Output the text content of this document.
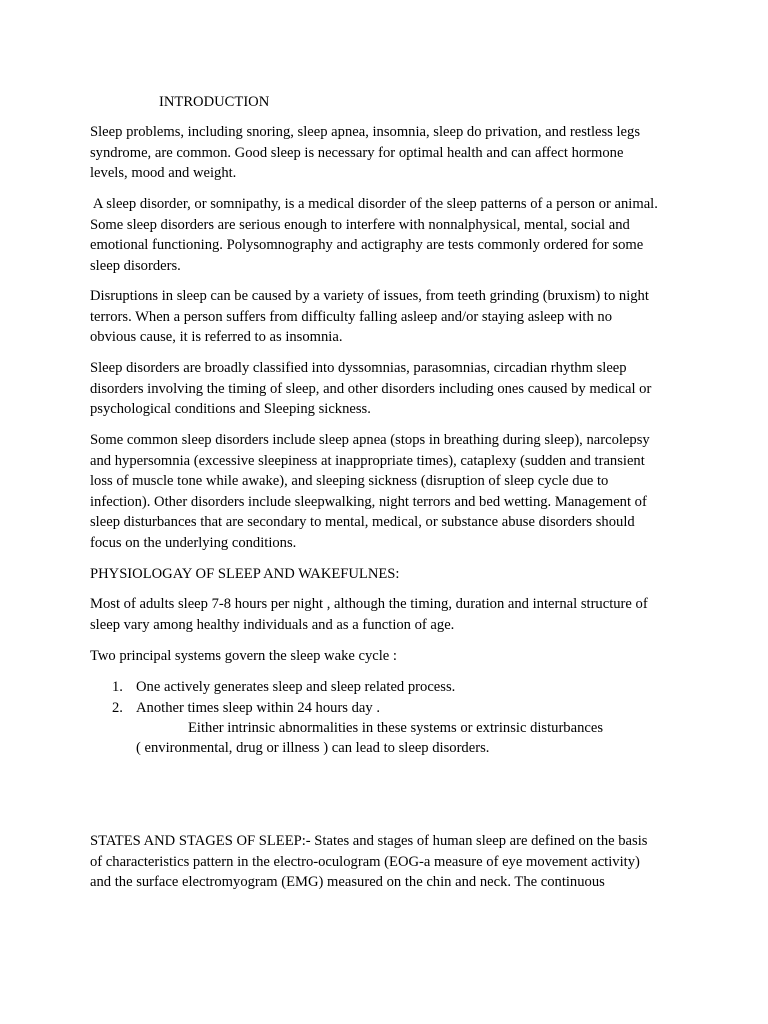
INTRODUCTION

Sleep problems, including snoring, sleep apnea, insomnia, sleep do privation, and restless legs
syndrome, are common. Good sleep is necessary for optimal health and can affect hormone
levels, mood and weight.

A sleep disorder, or somnipathy, is a medical disorder of the sleep patterns of a person or animal.
Some sleep disorders are serious enough to interfere with nonnalphysical, mental, social and
emotional functioning. Polysomnography and actigraphy are tests commonly ordered for some
sleep disorders.

Disruptions in sleep can be caused by a variety of issues, from teeth grinding (bruxism) to night
terrors. When a person suffers from difficulty falling asleep and/or staying asleep with no
obvious cause, it is referred to as insomnia.

Sleep disorders are broadly classified into dyssomnias, parasomnias, circadian rhythm sleep
disorders involving the timing of sleep, and other disorders including ones caused by medical or
psychological conditions and Sleeping sickness.

Some common sleep disorders include sleep apnea (stops in breathing during sleep), narcolepsy
and hypersomnia (excessive sleepiness at inappropriate times), cataplexy (sudden and transient
loss of muscle tone while awake), and sleeping sickness (disruption of sleep cycle due to
infection). Other disorders include sleepwalking, night terrors and bed wetting. Management of
sleep disturbances that are secondary to mental, medical, or substance abuse disorders should
focus on the underlying conditions.

PHYSIOLOGAY OF SLEEP AND WAKEFULNES:

Most of adults sleep 7-8 hours per night , although the timing, duration and internal structure of
sleep vary among healthy individuals and as a function of age.

Two principal systems govern the sleep wake cycle :

1. One actively generates sleep and sleep related process.
2. Another times sleep within 24 hours day .
Either intrinsic abnormalities in these systems or extrinsic disturbances
( environmental, drug or illness ) can lead to sleep disorders.

STATES AND STAGES OF SLEEP:- States and stages of human sleep are defined on the basis
of characteristics pattern in the electro-oculogram (EOG-a measure of eye movement activity)
and the surface electromyogram (EMG) measured on the chin and neck. The continuous
